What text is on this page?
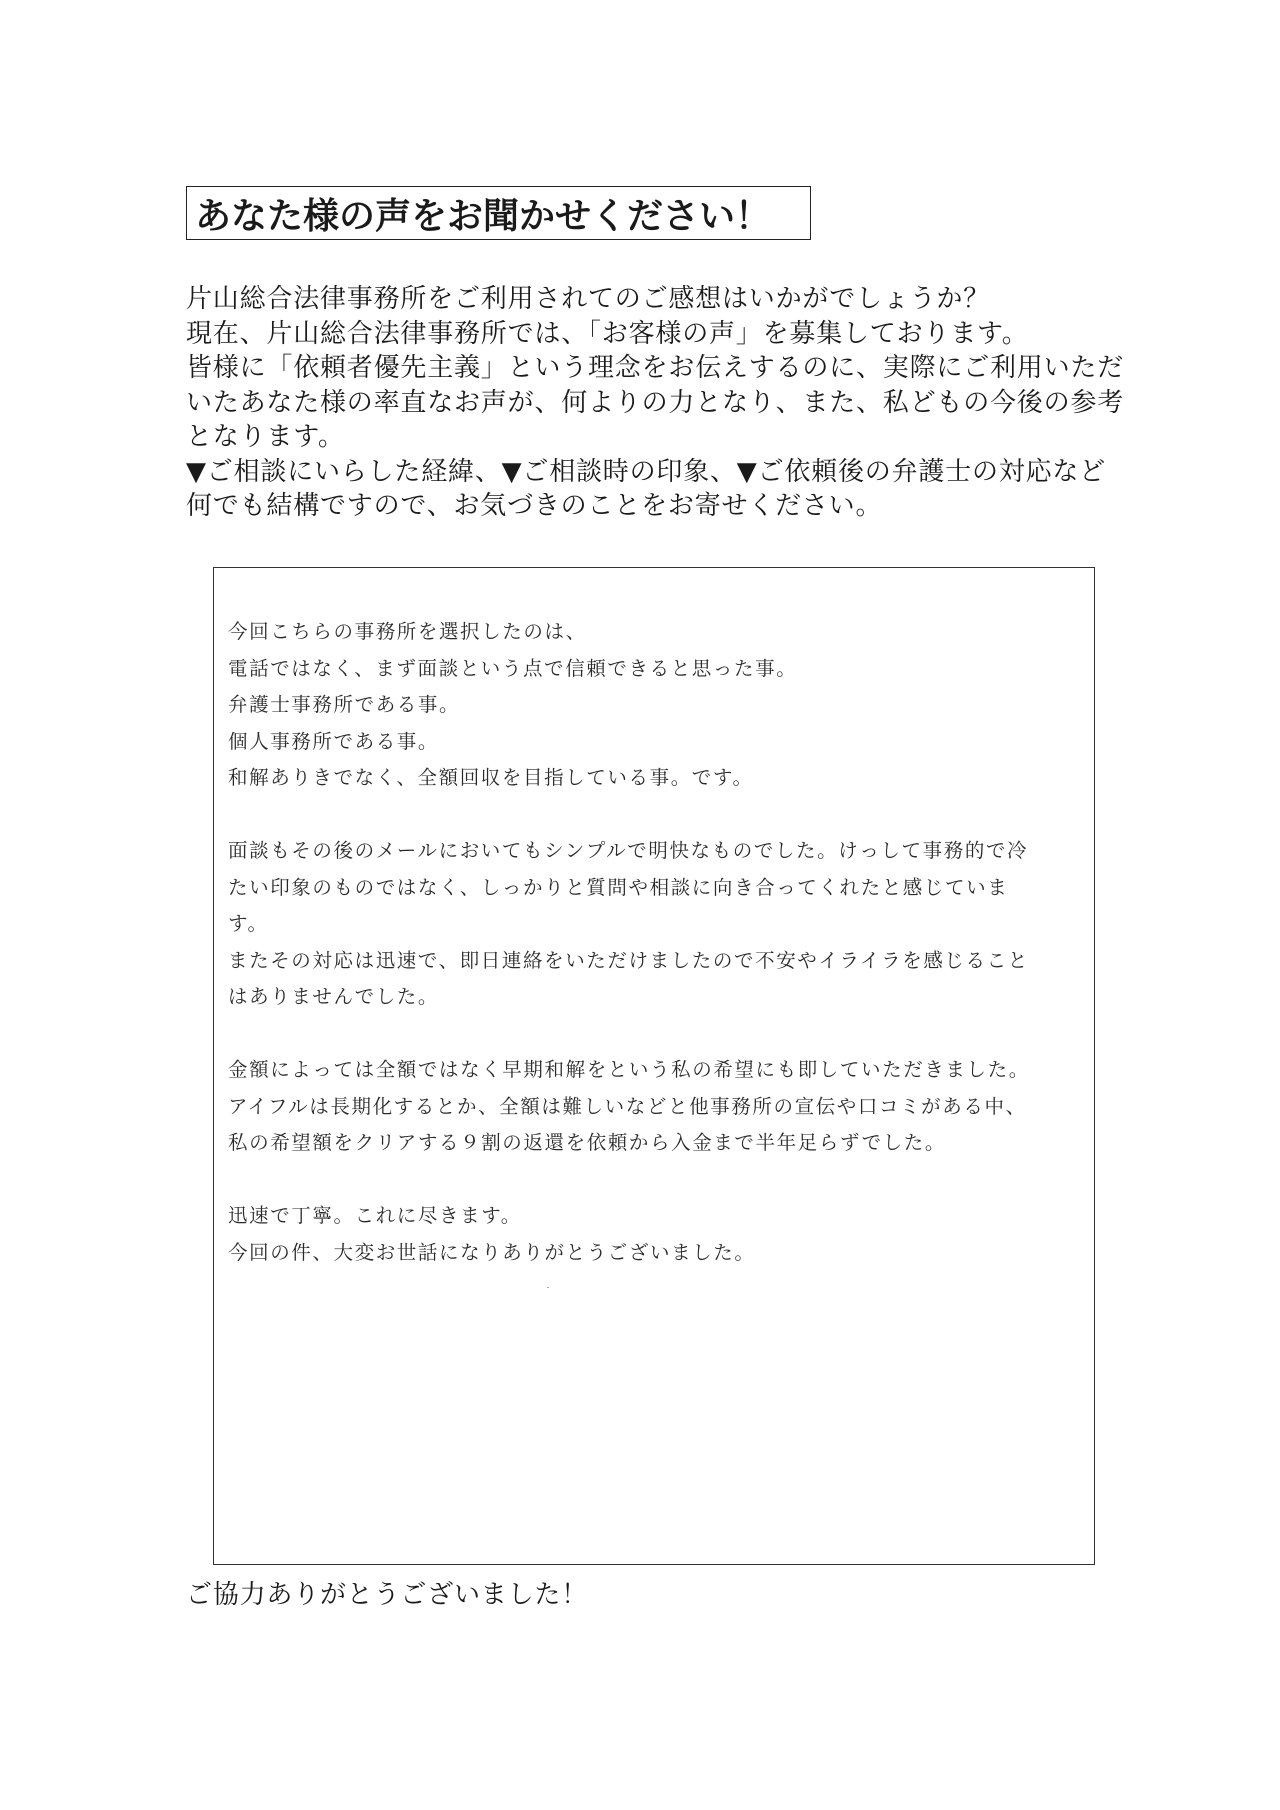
あなた様の声をお聞かせください！

片山総合法律事務所をご利用されてのご感想はいかがでしょうか？

現在、片山総合法律事務所では、「お客様の声」を募集しております。

皆様に「依頼者優先主義」という理念をお伝えするのに、実際にご利用いただ

いたあなた様の率直なお声が、何よりの力となり、また、私どもの今後の参考

となります。

▼ご相談にいらした経緯、▼ご相談時の印象、▼ご依頼後の弁護士の対応など

何でも結構ですので、お気づきのことをお寄せください。

今回こちらの事務所を選択したのは、

電話ではなく、まず面談という点で信頼できると思った事。

弁護士事務所である事。

個人事務所である事。

和解ありきでなく、全額回収を目指している事。です。

面談もその後のメールにおいてもシンプルで明快なものでした。けっして事務的で冷

たい印象のものではなく、しっかりと質問や相談に向き合ってくれたと感じていま

す。

またその対応は迅速で、即日連絡をいただけましたので不安やイライラを感じること

はありませんでした。

金額によっては全額ではなく早期和解をという私の希望にも即していただきました。

アイフルは長期化するとか、全額は難しいなどと他事務所の宣伝や口コミがある中、

私の希望額をクリアする９割の返還を依頼から入金まで半年足らずでした。

迅速で丁寧。これに尽きます。

今回の件、大変お世話になりありがとうございました。

ご協力ありがとうございました！
